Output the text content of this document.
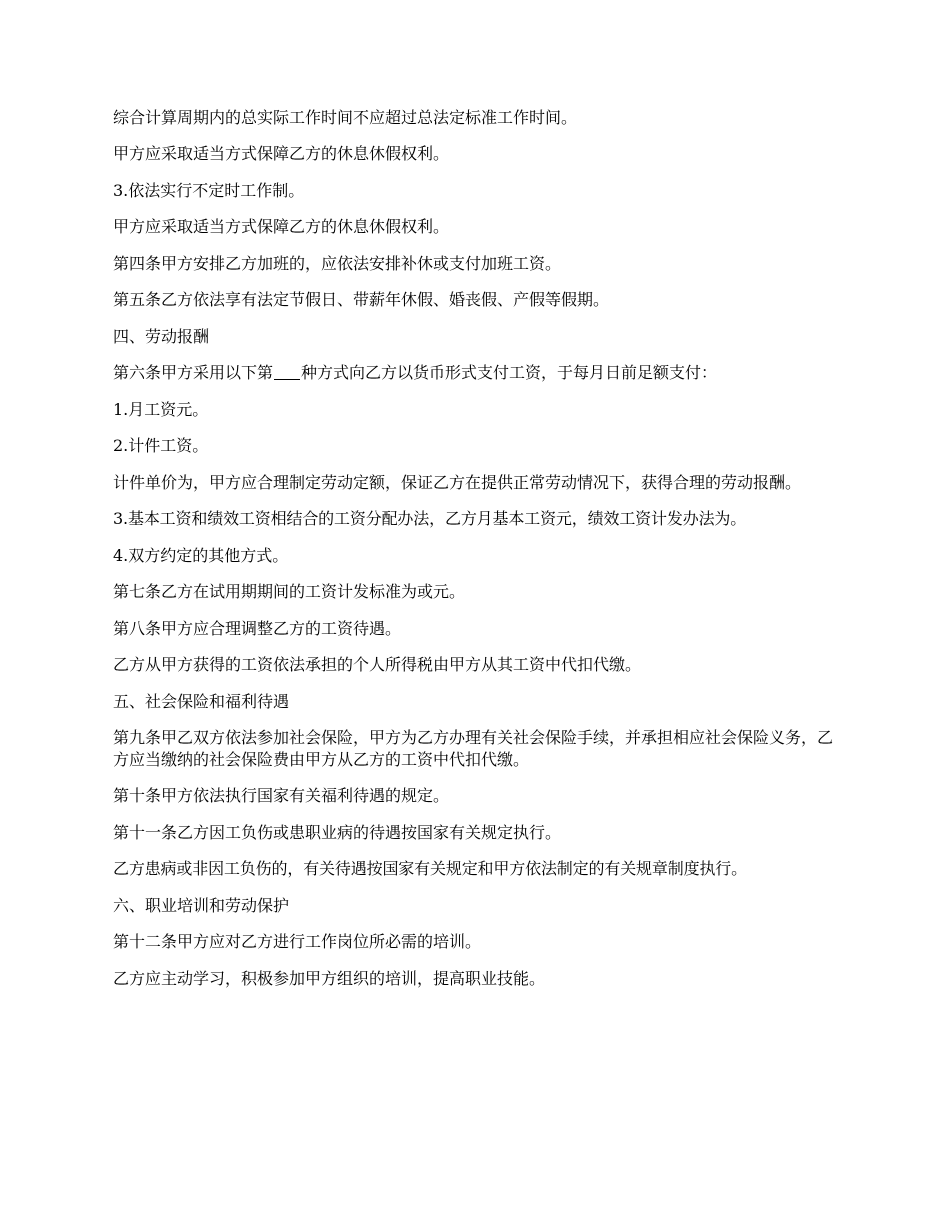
综合计算周期内的总实际工作时间不应超过总法定标准工作时间。

甲方应采取适当方式保障乙方的休息休假权利。

3.依法实行不定时工作制。

甲方应采取适当方式保障乙方的休息休假权利。

第四条甲方安排乙方加班的，应依法安排补休或支付加班工资。

第五条乙方依法享有法定节假日、带薪年休假、婚丧假、产假等假期。

四、劳动报酬

第六条甲方采用以下第 种方式向乙方以货币形式支付工资，于每月日前足额支付：

1.月工资元。

2.计件工资。

计件单价为，甲方应合理制定劳动定额，保证乙方在提供正常劳动情况下，获得合理的劳动报酬。

3.基本工资和绩效工资相结合的工资分配办法，乙方月基本工资元，绩效工资计发办法为。

4.双方约定的其他方式。

第七条乙方在试用期期间的工资计发标准为或元。

第八条甲方应合理调整乙方的工资待遇。

乙方从甲方获得的工资依法承担的个人所得税由甲方从其工资中代扣代缴。

五、社会保险和福利待遇

第九条甲乙双方依法参加社会保险，甲方为乙方办理有关社会保险手续，并承担相应社会保险义务，乙方应当缴纳的社会保险费由甲方从乙方的工资中代扣代缴。

第十条甲方依法执行国家有关福利待遇的规定。

第十一条乙方因工负伤或患职业病的待遇按国家有关规定执行。

乙方患病或非因工负伤的，有关待遇按国家有关规定和甲方依法制定的有关规章制度执行。

六、职业培训和劳动保护

第十二条甲方应对乙方进行工作岗位所必需的培训。

乙方应主动学习，积极参加甲方组织的培训，提高职业技能。
